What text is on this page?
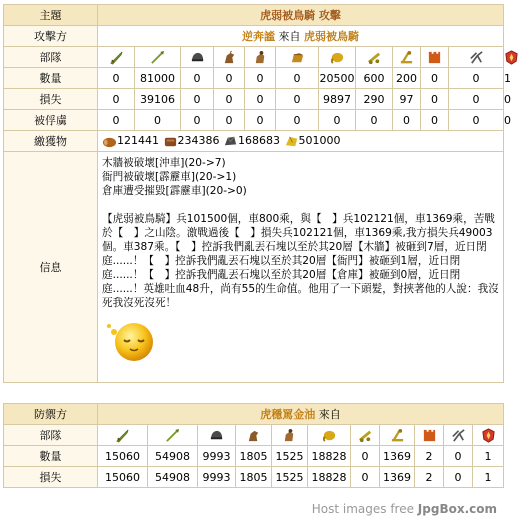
主題	虎弱被鳥騎 攻擊											
攻擊方	逆奔謐 來自 虎弱被鳥騎											
部隊												
數量	0	81000	0	0	0	0	20500	600	200	0	0	1
損失	0	39106	0	0	0	0	9897	290	97	0	0	0
被俘虜	0	0	0	0	0	0	0	0	0	0	0	0
繳獲物	121441 234386 168683 501000											
信息	木牆被破壞[沖車](20->7)
衙門被破壞[霹靂車](20->1)
倉庫遭受摧毀[霹靂車](20->0)
【虎弱被鳥騎】兵101500個，車800乘，與【　】兵102121個，車1369乘，苦戰於【　】之山陰。激戰過後【　】損失兵102121個，車1369乘,我方損失兵49003個。車387乘。【　】控訴我們亂丟石塊以至於其20層【木牆】被砸到7層，近日閉庭......！【　】控訴我們亂丟石塊以至於其20層【衙門】被砸到1層，近日閉庭......！【　】控訴我們亂丟石塊以至於其20層【倉庫】被砸到0層，近日閉庭......！英雄吐血48升，尚有55的生命值。他用了一下頭髮，對挾著他的人說：我沒死我沒死沒死！											
防禦方	虎穩罵金油 來自										
部隊											
數量	15060	54908	9993	1805	1525	18828	0	1369	2	0	1
損失	15060	54908	9993	1805	1525	18828	0	1369	2	0	1
Host images free JpgBox.com
